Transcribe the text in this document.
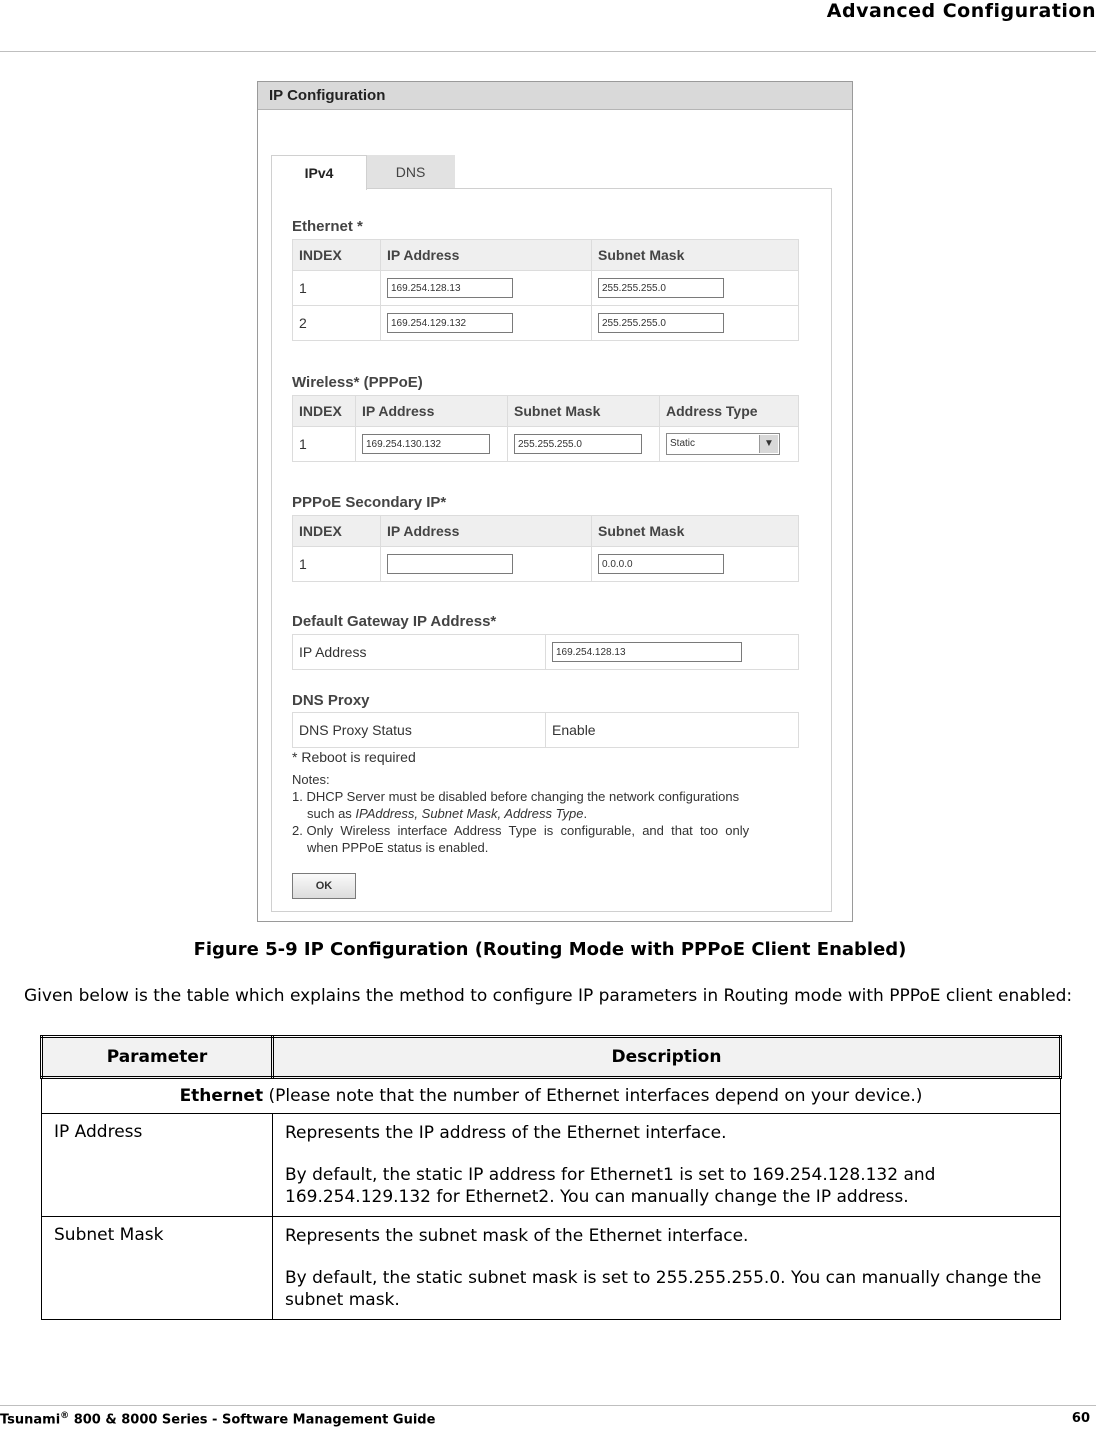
Advanced Configuration
IP Configuration
IPv4	DNS
Ethernet *
INDEX	IP Address	Subnet Mask
1	169.254.128.13	255.255.255.0
2	169.254.129.132	255.255.255.0
Wireless* (PPPoE)
INDEX	IP Address	Subnet Mask	Address Type
1	169.254.130.132	255.255.255.0	Static ▼
PPPoE Secondary IP*
INDEX	IP Address	Subnet Mask
1		0.0.0.0
Default Gateway IP Address*
IP Address	169.254.128.13
DNS Proxy
DNS Proxy Status	Enable
* Reboot is required
Notes:
1. DHCP Server must be disabled before changing the network configurations
such as IPAddress, Subnet Mask, Address Type.
2. Only  Wireless  interface  Address  Type  is  configurable,  and  that  too  only
when PPPoE status is enabled.
OK
Figure 5-9 IP Configuration (Routing Mode with PPPoE Client Enabled)
Given below is the table which explains the method to configure IP parameters in Routing mode with PPPoE client enabled:
Parameter	Description
Ethernet (Please note that the number of Ethernet interfaces depend on your device.)	
IP Address	Represents the IP address of the Ethernet interface.

By default, the static IP address for Ethernet1 is set to 169.254.128.132 and 169.254.129.132 for Ethernet2. You can manually change the IP address.

Subnet Mask	Represents the subnet mask of the Ethernet interface.

By default, the static subnet mask is set to 255.255.255.0. You can manually change the subnet mask.

Tsunami® 800 & 8000 Series - Software Management Guide	60
